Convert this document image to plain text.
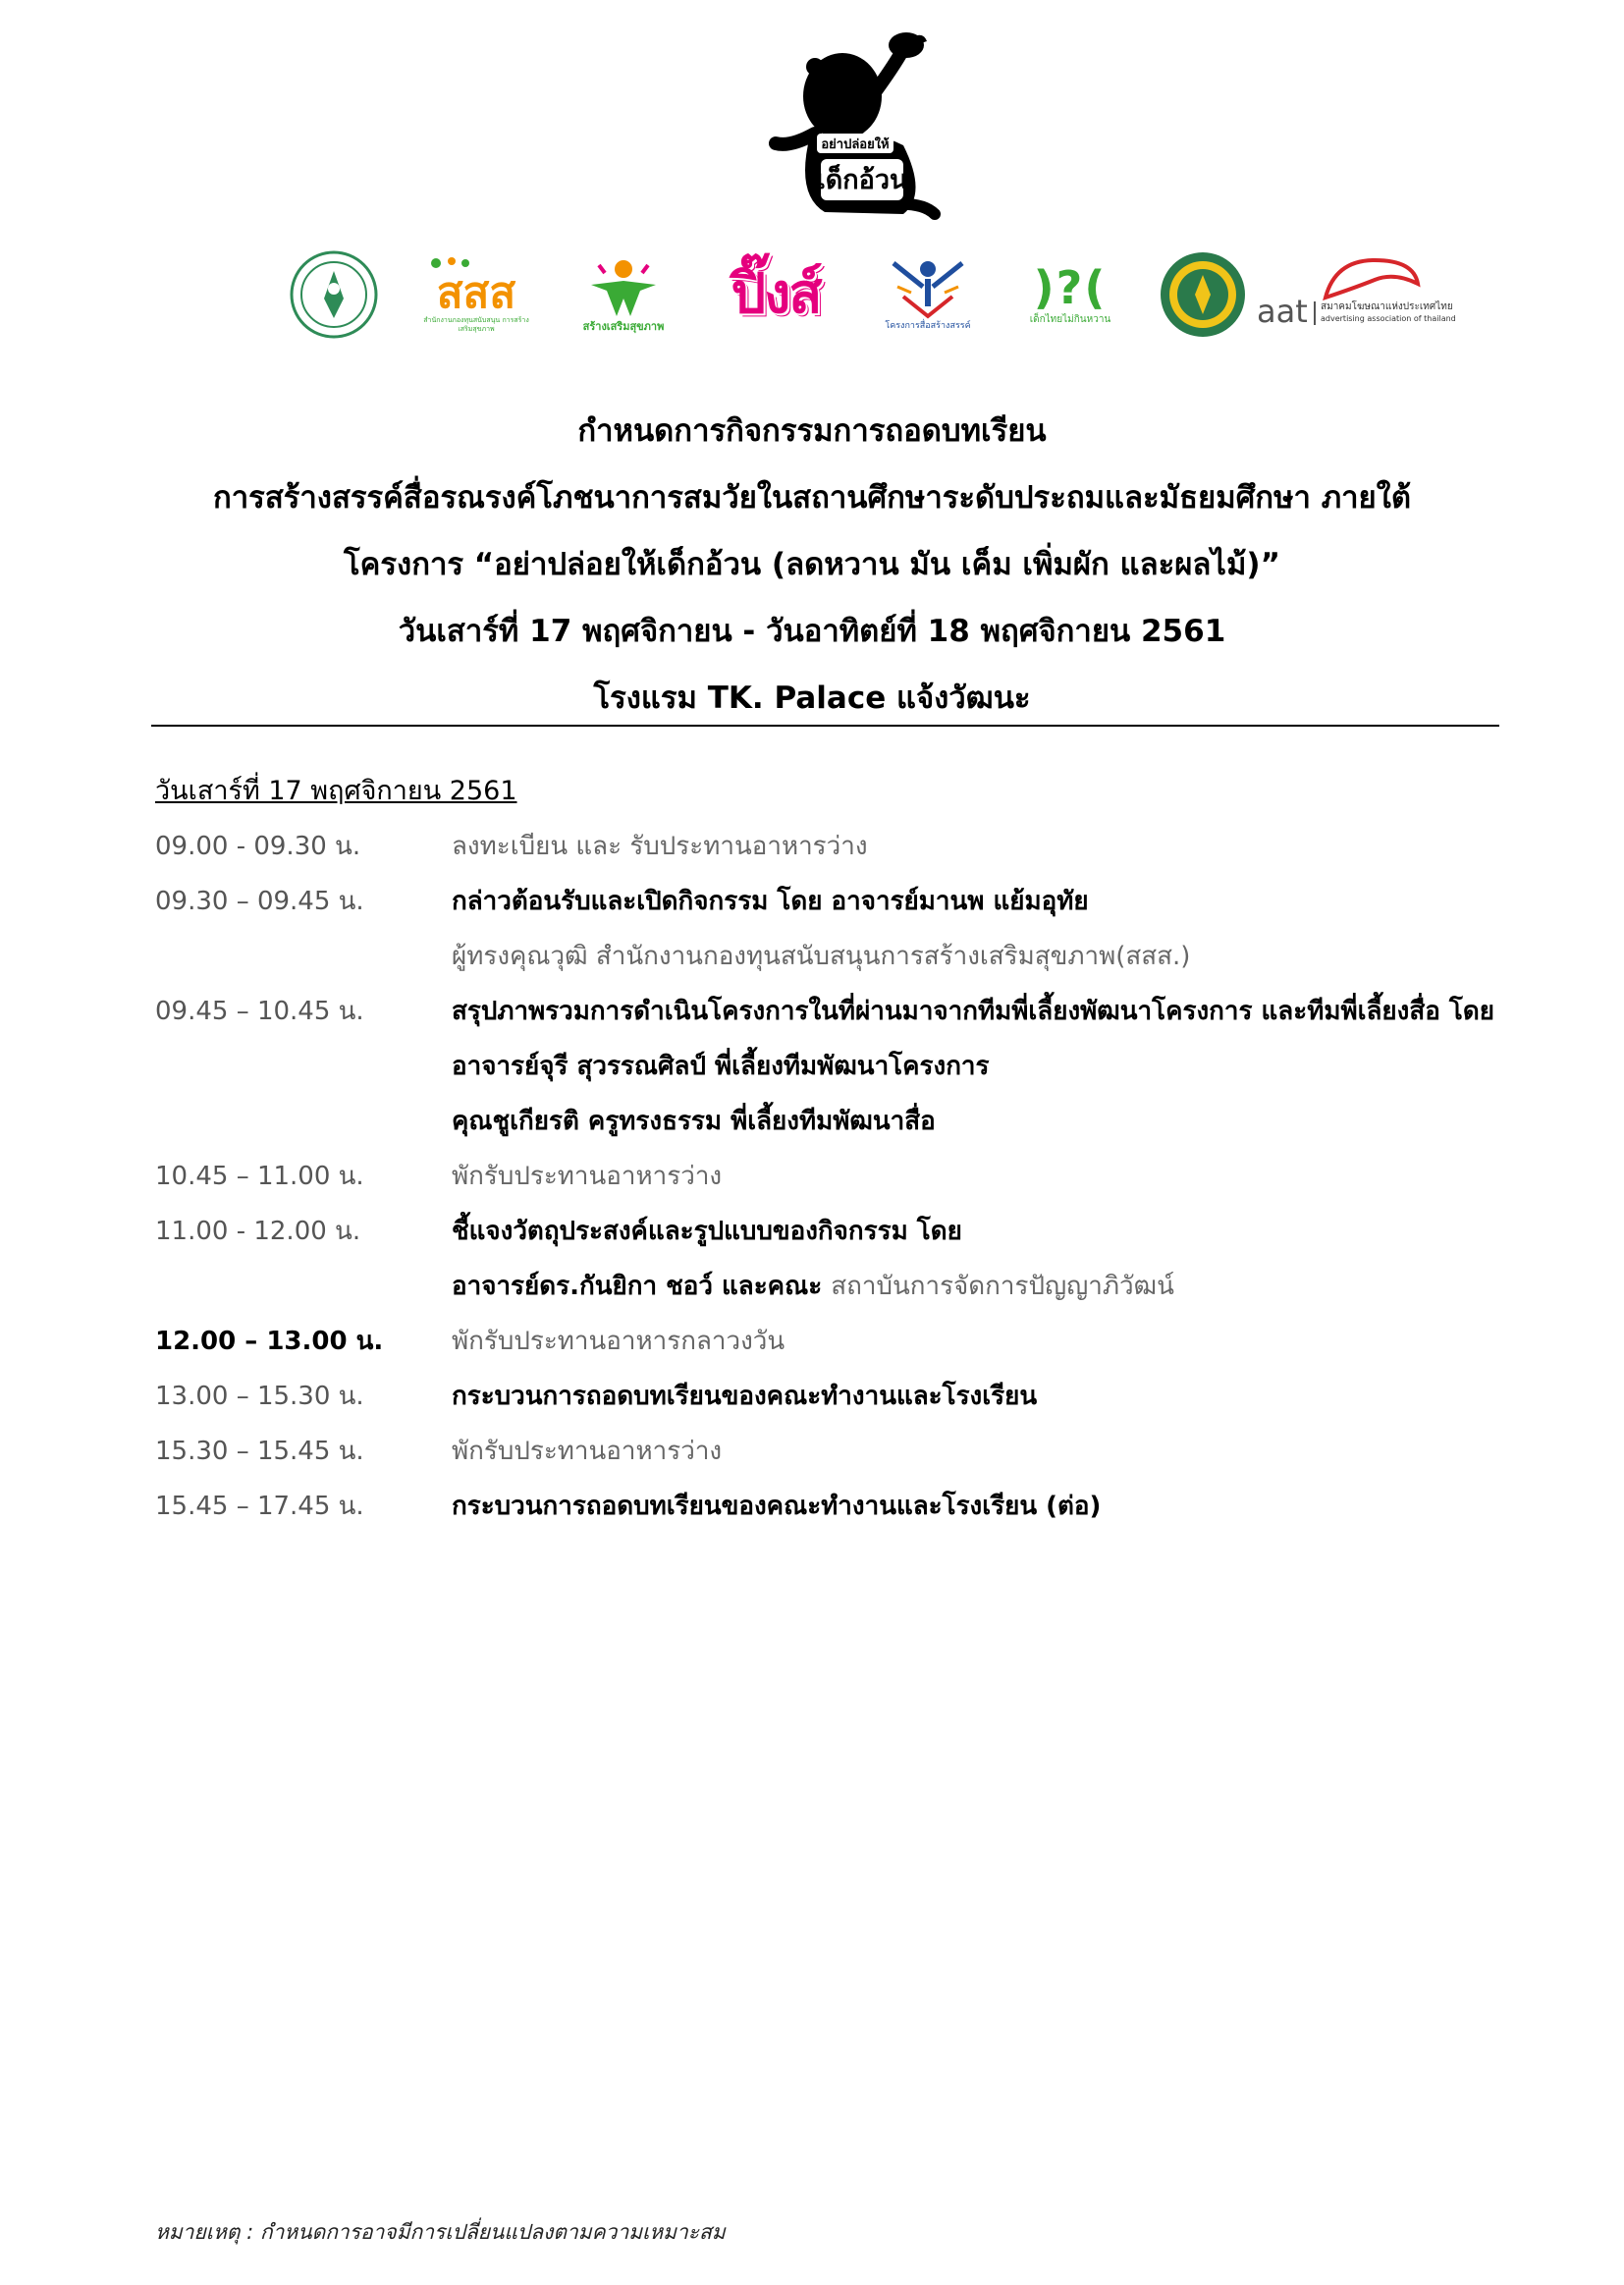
อย่าปล่อยให้
เด็กอ้วน
สสส
สำนักงานกองทุนสนับสนุน การสร้างเสริมสุขภาพ	สร้างเสริมสุขภาพ
ปิ๊งส์	โครงการสื่อสร้างสรรค์
)?(
เด็กไทยไม่กินหวาน	aat สมาคมโฆษณาแห่งประเทศไทย
advertising association of thailand
กำหนดการกิจกรรมการถอดบทเรียน
การสร้างสรรค์สื่อรณรงค์โภชนาการสมวัยในสถานศึกษาระดับประถมและมัธยมศึกษา ภายใต้
โครงการ “อย่าปล่อยให้เด็กอ้วน (ลดหวาน มัน เค็ม เพิ่มผัก และผลไม้)”
วันเสาร์ที่ 17 พฤศจิกายน - วันอาทิตย์ที่ 18 พฤศจิกายน 2561
โรงแรม TK. Palace แจ้งวัฒนะ
วันเสาร์ที่ 17 พฤศจิกายน 2561
09.00 - 09.30 น.	ลงทะเบียน และ รับประทานอาหารว่าง
09.30 – 09.45 น.	กล่าวต้อนรับและเปิดกิจกรรม โดย อาจารย์มานพ แย้มอุทัย
ผู้ทรงคุณวุฒิ สำนักงานกองทุนสนับสนุนการสร้างเสริมสุขภาพ(สสส.)
09.45 – 10.45 น.	สรุปภาพรวมการดำเนินโครงการในที่ผ่านมาจากทีมพี่เลี้ยงพัฒนาโครงการ และทีมพี่เลี้ยงสื่อ โดย
อาจารย์จุรี สุวรรณศิลป์ พี่เลี้ยงทีมพัฒนาโครงการ
คุณชูเกียรติ ครูทรงธรรม พี่เลี้ยงทีมพัฒนาสื่อ
10.45 – 11.00 น.	พักรับประทานอาหารว่าง
11.00 - 12.00 น.	ชี้แจงวัตถุประสงค์และรูปแบบของกิจกรรม โดย
อาจารย์ดร.กันยิกา ชอว์ และคณะ สถาบันการจัดการปัญญาภิวัฒน์
12.00 – 13.00 น.	พักรับประทานอาหารกลาวงวัน
13.00 – 15.30 น.	กระบวนการถอดบทเรียนของคณะทำงานและโรงเรียน
15.30 – 15.45 น.	พักรับประทานอาหารว่าง
15.45 – 17.45 น.	กระบวนการถอดบทเรียนของคณะทำงานและโรงเรียน (ต่อ)
หมายเหตุ : กำหนดการอาจมีการเปลี่ยนแปลงตามความเหมาะสม
